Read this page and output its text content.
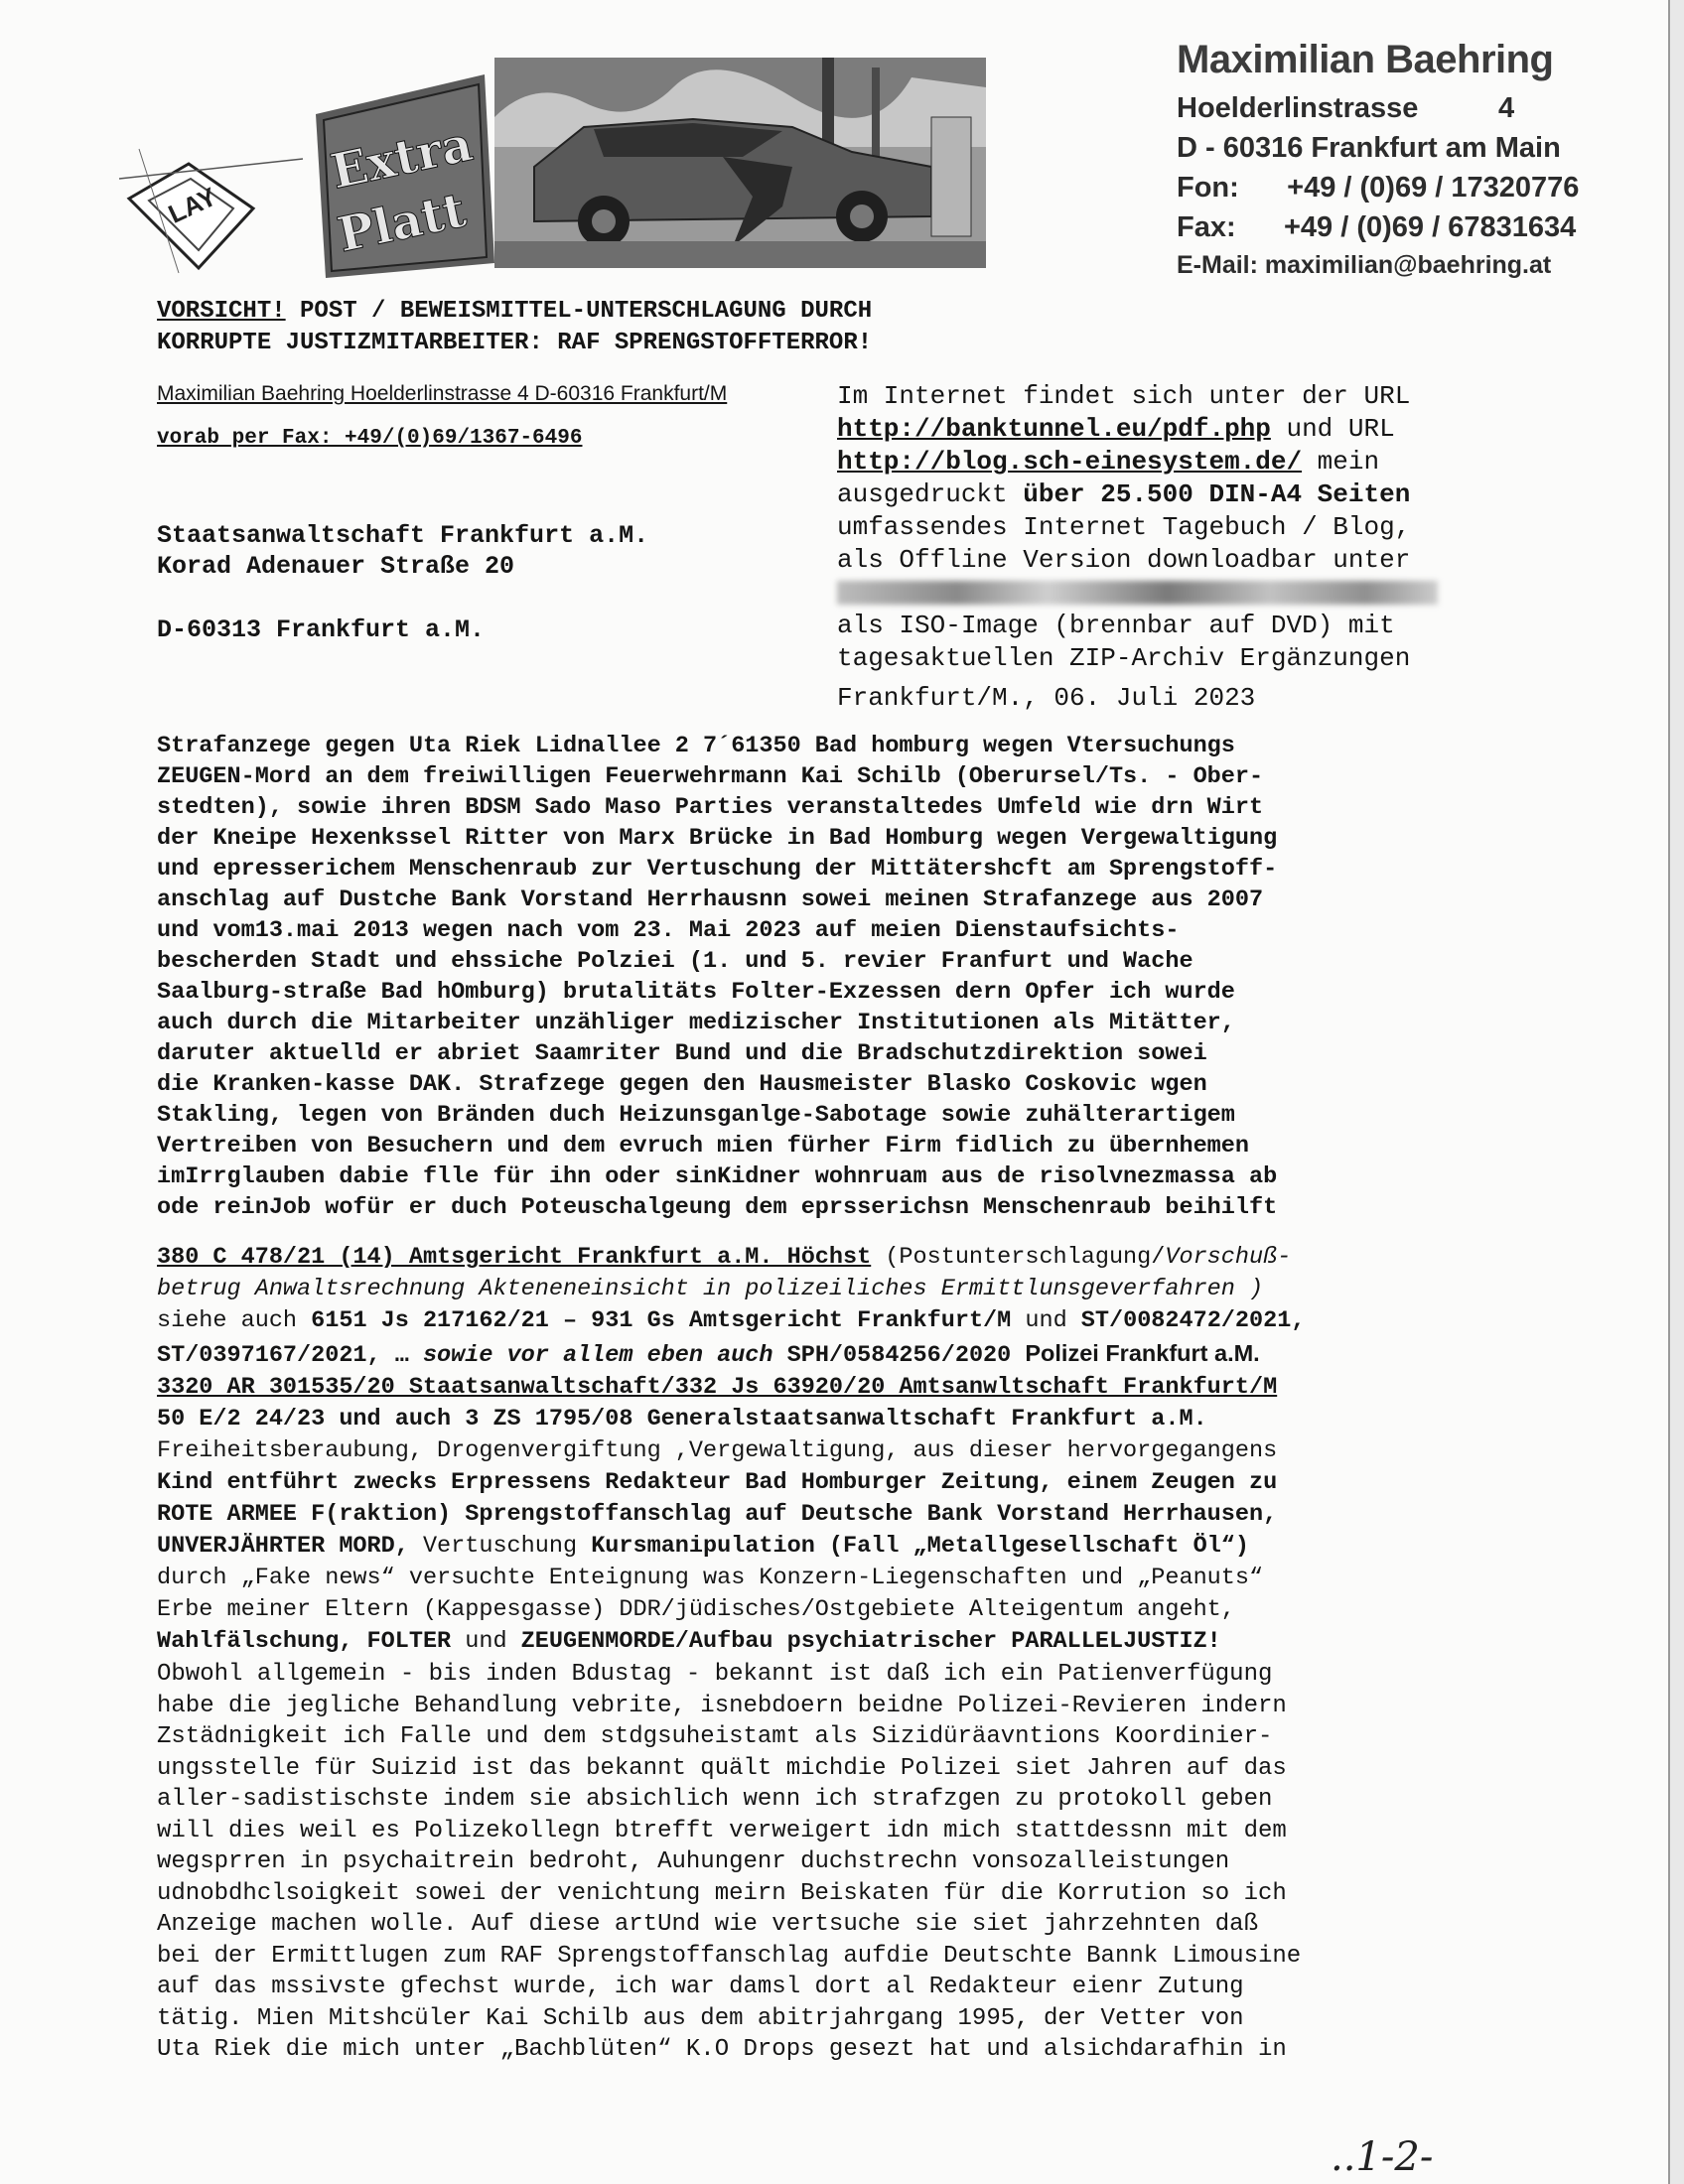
Maximilian Baehring
Hoelderlinstrasse          4
D - 60316 Frankfurt am Main
Fon:      +49 / (0)69 / 17320776
Fax:      +49 / (0)69 / 67831634
E-Mail: maximilian@baehring.at
LAY
Extra
Platt
VORSICHT! POST / BEWEISMITTEL-UNTERSCHLAGUNG DURCH
KORRUPTE JUSTIZMITARBEITER: RAF SPRENGSTOFFTERROR!
Maximilian Baehring Hoelderlinstrasse 4 D-60316 Frankfurt/M
vorab per Fax: +49/(0)69/1367-6496
Staatsanwaltschaft Frankfurt a.M.
Korad Adenauer Straße 20
D-60313 Frankfurt a.M.
Im Internet findet sich unter der URL
http://banktunnel.eu/pdf.php und URL
http://blog.sch-einesystem.de/ mein
ausgedruckt über 25.500 DIN-A4 Seiten
umfassendes Internet Tagebuch / Blog,
als Offline Version downloadbar unter
als ISO-Image (brennbar auf DVD) mit
tagesaktuellen ZIP-Archiv Ergänzungen
Frankfurt/M., 06. Juli 2023
Strafanzege gegen Uta Riek Lidnallee 2 7´61350 Bad homburg wegen Vtersuchungs
ZEUGEN-Mord an dem freiwilligen Feuerwehrmann Kai Schilb (Oberursel/Ts. - Ober-
stedten), sowie ihren BDSM Sado Maso Parties veranstaltedes Umfeld wie drn Wirt
der Kneipe Hexenkssel Ritter von Marx Brücke in Bad Homburg wegen Vergewaltigung
und epresserichem Menschenraub zur Vertuschung der Mittätershcft am Sprengstoff-
anschlag auf Dustche Bank Vorstand Herrhausnn sowei meinen Strafanzege aus 2007
und vom13.mai 2013 wegen nach vom 23. Mai 2023 auf meien Dienstaufsichts-
bescherden Stadt und ehssiche Polziei (1. und 5. revier Franfurt und Wache
Saalburg-straße Bad hOmburg) brutalitäts Folter-Exzessen dern Opfer ich wurde
auch durch die Mitarbeiter unzähliger medizischer Institutionen als Mitätter,
daruter aktuelld er abriet Saamriter Bund und die Bradschutzdirektion sowei
die Kranken-kasse DAK. Strafzege gegen den Hausmeister Blasko Coskovic wgen
Stakling, legen von Bränden duch Heizunsganlge-Sabotage sowie zuhälterartigem
Vertreiben von Besuchern und dem evruch mien fürher Firm fidlich zu übernhemen
imIrrglauben dabie flle für ihn oder sinKidner wohnruam aus de risolvnezmassa ab
ode reinJob wofür er duch Poteuschalgeung dem eprsserichsn Menschenraub beihilft
380 C 478/21 (14) Amtsgericht Frankfurt a.M. Höchst (Postunterschlagung/Vorschuß-
betrug Anwaltsrechnung Akteneneinsicht in polizeiliches Ermittlunsgeverfahren )
siehe auch 6151 Js 217162/21 – 931 Gs Amtsgericht Frankfurt/M und ST/0082472/2021,
ST/0397167/2021, … sowie vor allem eben auch SPH/0584256/2020 Polizei Frankfurt a.M.
3320 AR 301535/20 Staatsanwaltschaft/332 Js 63920/20 Amtsanwltschaft Frankfurt/M
50 E/2 24/23 und auch 3 ZS 1795/08 Generalstaatsanwaltschaft Frankfurt a.M.
Freiheitsberaubung, Drogenvergiftung ,Vergewaltigung, aus dieser hervorgegangens
Kind entführt zwecks Erpressens Redakteur Bad Homburger Zeitung, einem Zeugen zu
ROTE ARMEE F(raktion) Sprengstoffanschlag auf Deutsche Bank Vorstand Herrhausen,
UNVERJÄHRTER MORD, Vertuschung Kursmanipulation (Fall „Metallgesellschaft Öl“)
durch „Fake news“ versuchte Enteignung was Konzern-Liegenschaften und „Peanuts“
Erbe meiner Eltern (Kappesgasse) DDR/jüdisches/Ostgebiete Alteigentum angeht,
Wahlfälschung, FOLTER und ZEUGENMORDE/Aufbau psychiatrischer PARALLELJUSTIZ!
Obwohl allgemein - bis inden Bdustag - bekannt ist daß ich ein Patienverfügung
habe die jegliche Behandlung vebrite, isnebdoern beidne Polizei-Revieren indern
Zstädnigkeit ich Falle und dem stdgsuheistamt als Sizidüräavntions Koordinier-
ungsstelle für Suizid ist das bekannt quält michdie Polizei siet Jahren auf das
aller-sadistischste indem sie absichlich wenn ich strafzgen zu protokoll geben
will dies weil es Polizekollegn btrefft verweigert idn mich stattdessnn mit dem
wegsprren in psychaitrein bedroht, Auhungenr duchstrechn vonsozalleistungen
udnobdhclsoigkeit sowei der venichtung meirn Beiskaten für die Korrution so ich
Anzeige machen wolle. Auf diese artUnd wie vertsuche sie siet jahrzehnten daß
bei der Ermittlugen zum RAF Sprengstoffanschlag aufdie Deutschte Bannk Limousine
auf das mssivste gfechst wurde, ich war damsl dort al Redakteur eienr Zutung
tätig. Mien Mitshcüler Kai Schilb aus dem abitrjahrgang 1995, der Vetter von
Uta Riek die mich unter „Bachblüten“ K.O Drops gesezt hat und alsichdarafhin in
..1-2-
